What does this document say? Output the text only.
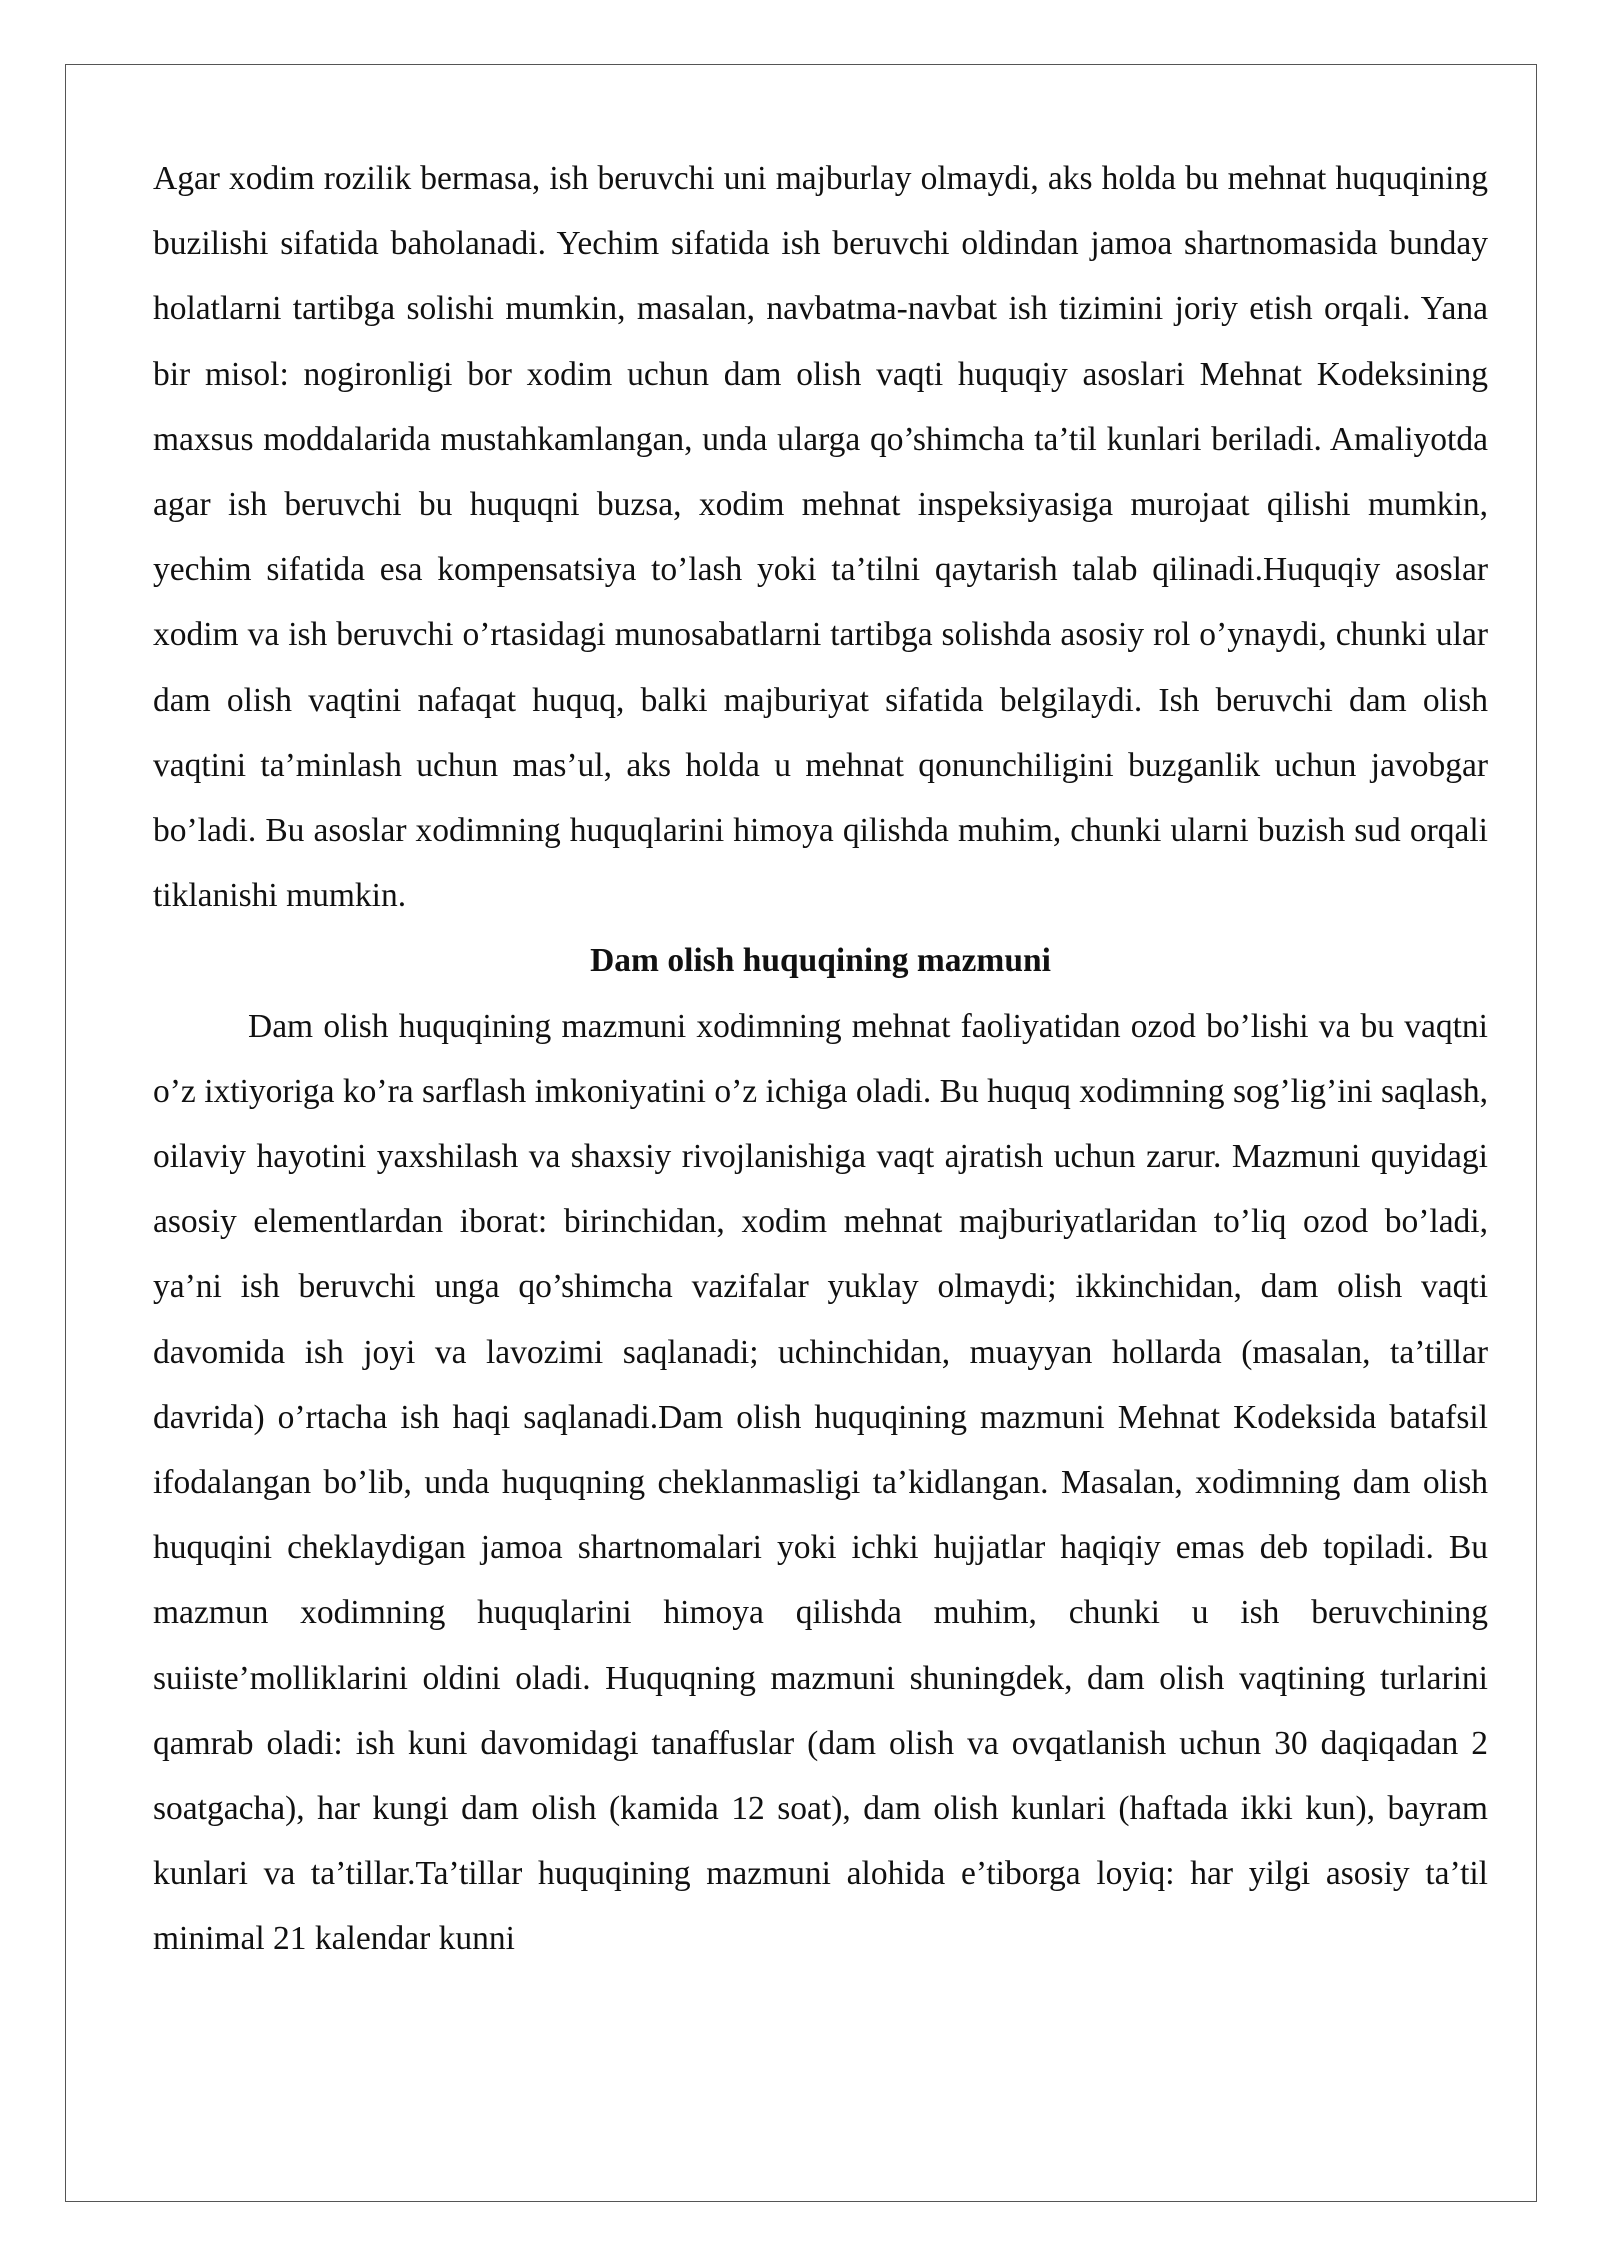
Agar xodim rozilik bermasa, ish beruvchi uni majburlay olmaydi, aks holda bu mehnat huquqining buzilishi sifatida baholanadi. Yechim sifatida ish beruvchi oldindan jamoa shartnomasida bunday holatlarni tartibga solishi mumkin, masalan, navbatma-navbat ish tizimini joriy etish orqali. Yana bir misol: nogironligi bor xodim uchun dam olish vaqti huquqiy asoslari Mehnat Kodeksining maxsus moddalarida mustahkamlangan, unda ularga qo’shimcha ta’til kunlari beriladi. Amaliyotda agar ish beruvchi bu huquqni buzsa, xodim mehnat inspeksiyasiga murojaat qilishi mumkin, yechim sifatida esa kompensatsiya to’lash yoki ta’tilni qaytarish talab qilinadi.Huquqiy asoslar xodim va ish beruvchi o’rtasidagi munosabatlarni tartibga solishda asosiy rol o’ynaydi, chunki ular dam olish vaqtini nafaqat huquq, balki majburiyat sifatida belgilaydi. Ish beruvchi dam olish vaqtini ta’minlash uchun mas’ul, aks holda u mehnat qonunchiligini buzganlik uchun javobgar bo’ladi. Bu asoslar xodimning huquqlarini himoya qilishda muhim, chunki ularni buzish sud orqali tiklanishi mumkin.

Dam olish huquqining mazmuni

Dam olish huquqining mazmuni xodimning mehnat faoliyatidan ozod bo’lishi va bu vaqtni o’z ixtiyoriga ko’ra sarflash imkoniyatini o’z ichiga oladi. Bu huquq xodimning sog’lig’ini saqlash, oilaviy hayotini yaxshilash va shaxsiy rivojlanishiga vaqt ajratish uchun zarur. Mazmuni quyidagi asosiy elementlardan iborat: birinchidan, xodim mehnat majburiyatlaridan to’liq ozod bo’ladi, ya’ni ish beruvchi unga qo’shimcha vazifalar yuklay olmaydi; ikkinchidan, dam olish vaqti davomida ish joyi va lavozimi saqlanadi; uchinchidan, muayyan hollarda (masalan, ta’tillar davrida) o’rtacha ish haqi saqlanadi.Dam olish huquqining mazmuni Mehnat Kodeksida batafsil ifodalangan bo’lib, unda huquqning cheklanmasligi ta’kidlangan. Masalan, xodimning dam olish huquqini cheklaydigan jamoa shartnomalari yoki ichki hujjatlar haqiqiy emas deb topiladi. Bu mazmun xodimning huquqlarini himoya qilishda muhim, chunki u ish beruvchining suiiste’molliklarini oldini oladi. Huquqning mazmuni shuningdek, dam olish vaqtining turlarini qamrab oladi: ish kuni davomidagi tanaffuslar (dam olish va ovqatlanish uchun 30 daqiqadan 2 soatgacha), har kungi dam olish (kamida 12 soat), dam olish kunlari (haftada ikki kun), bayram kunlari va ta’tillar.Ta’tillar huquqining mazmuni alohida e’tiborga loyiq: har yilgi asosiy ta’til minimal 21 kalendar kunni
